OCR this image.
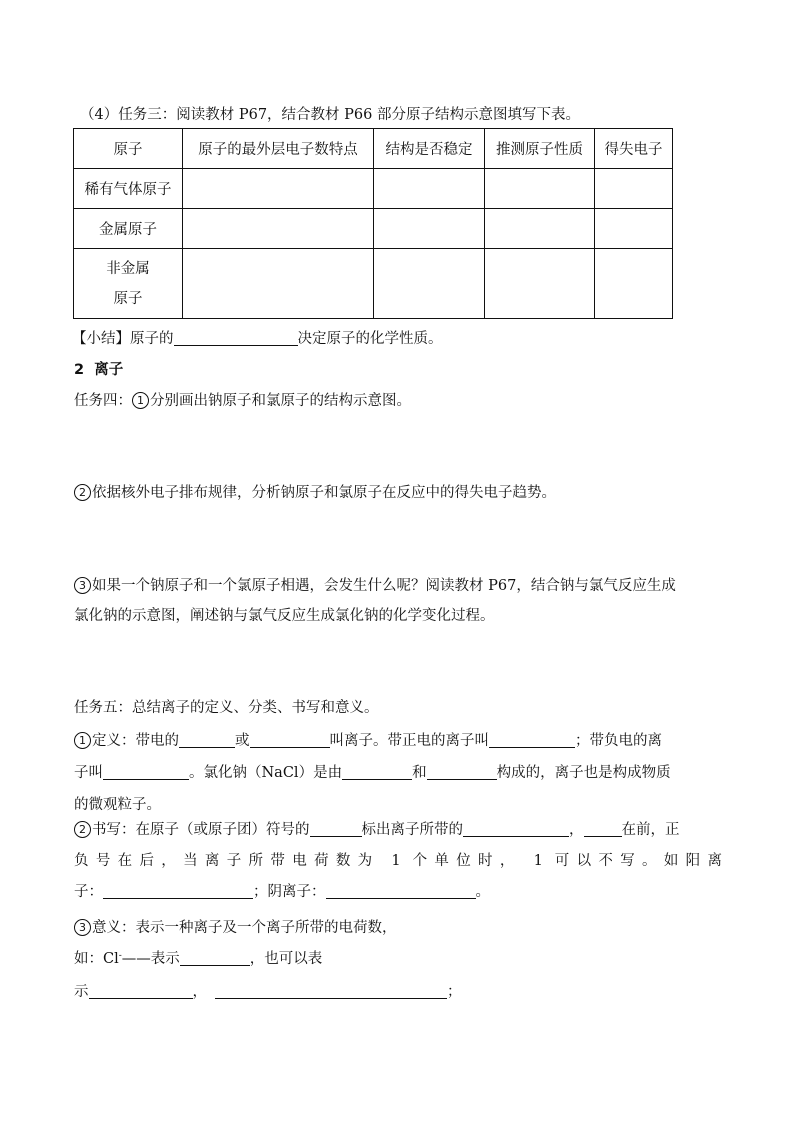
（4）任务三：阅读教材 P67，结合教材 P66 部分原子结构示意图填写下表。
原子	原子的最外层电子数特点	结构是否稳定	推测原子性质	得失电子
稀有气体原子				
金属原子				

非金属
原子				

【小结】原子的	决定原子的化学性质。
2 离子
任务四： 1 分别画出钠原子和氯原子的结构示意图。
2 依据核外电子排布规律，分析钠原子和氯原子在反应中的得失电子趋势。
3 如果一个钠原子和一个氯原子相遇，会发生什么呢？阅读教材 P67，结合钠与氯气反应生成
氯化钠的示意图，阐述钠与氯气反应生成氯化钠的化学变化过程。
任务五：总结离子的定义、分类、书写和意义。
1 定义：带电的	或	叫离子。带正电的离子叫	；带负电的离
子叫	。氯化钠（NaCl）是由	和	构成的，离子也是构成物质
的微观粒子。
2 书写：在原子（或原子团）符号的	标出离子所带的	，	在前，正
负号在后，当离子所带电荷数为 1 个单位时， 1 可以不写。如阳离
子：	；阴离子：	。
3 意义：表示一种离子及一个离子所带的电荷数，
如：Cl-——表示	，也可以表
示	，	；
